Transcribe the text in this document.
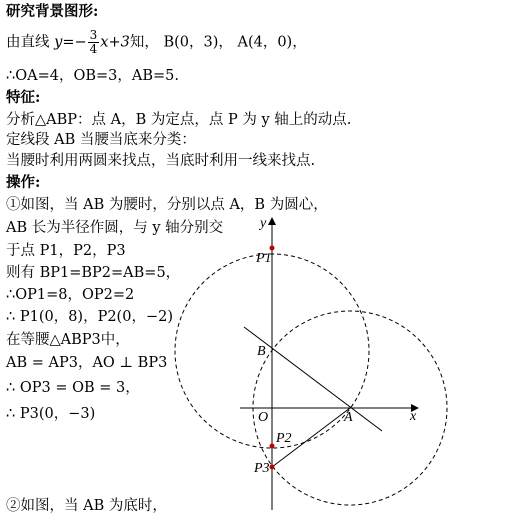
研究背景图形:
由直线 $y=- \frac{3}{4} x+3$知， B(0，3)， A(4，0)，
∴OA=4，OB=3，AB=5.
特征:
分析△ABP：点 A，B 为定点，点 P 为 y 轴上的动点.
定线段 AB 当腰当底来分类：
当腰时利用两圆来找点，当底时利用一线来找点.
操作:
①如图，当 AB 为腰时，分别以点 A，B 为圆心，
AB 长为半径作圆，与 y 轴分别交
于点 P1，P2，P3
则有 BP1=BP2=AB=5，
∴OP1=8，OP2=2
∴ P1(0，8)，P2(0，−2)
在等腰△ABP3中，
AB = AP3，AO ⊥ BP3
∴ OP3 = OB = 3，
∴ P3(0，−3)
②如图，当 AB 为底时，
y
x
O	A
B
P1
P2
P3
